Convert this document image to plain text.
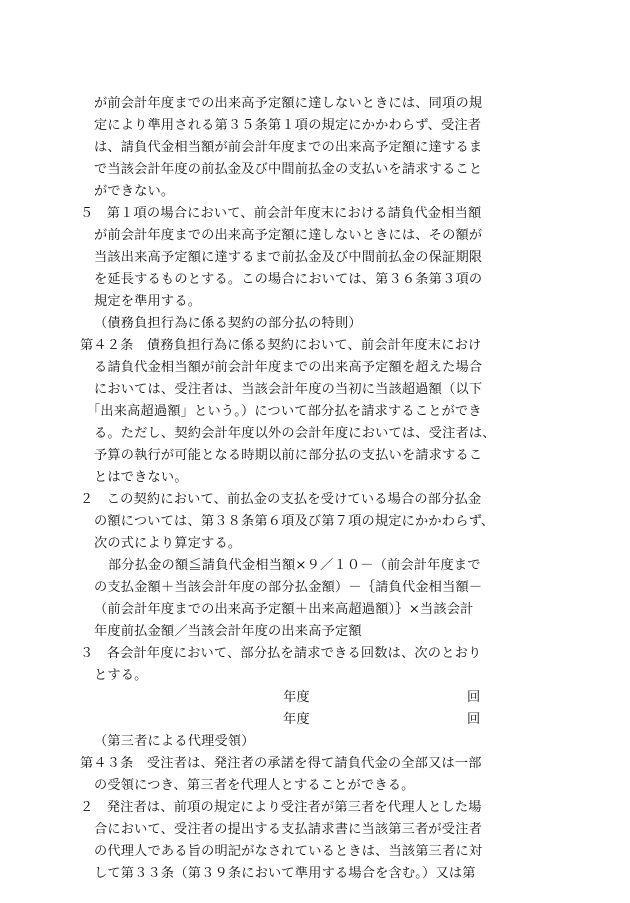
が前会計年度までの出来高予定額に達しないときには、同項の規
定により準用される第３５条第１項の規定にかかわらず、受注者
は、請負代金相当額が前会計年度までの出来高予定額に達するま
で当該会計年度の前払金及び中間前払金の支払いを請求すること
ができない。
５　第１項の場合において、前会計年度末における請負代金相当額
が前会計年度までの出来高予定額に達しないときには、その額が
当該出来高予定額に達するまで前払金及び中間前払金の保証期限
を延長するものとする。この場合においては、第３６条第３項の
規定を準用する。
（債務負担行為に係る契約の部分払の特則）
第４２条　債務負担行為に係る契約において、前会計年度末におけ
る請負代金相当額が前会計年度までの出来高予定額を超えた場合
においては、受注者は、当該会計年度の当初に当該超過額（以下
「出来高超過額」という。）について部分払を請求することができ
る。ただし、契約会計年度以外の会計年度においては、受注者は、
予算の執行が可能となる時期以前に部分払の支払いを請求するこ
とはできない。
２　この契約において、前払金の支払を受けている場合の部分払金
の額については、第３８条第６項及び第７項の規定にかかわらず、
次の式により算定する。
部分払金の額≦請負代金相当額×９／１０－（前会計年度まで
の支払金額＋当該会計年度の部分払金額）－｛請負代金相当額－
（前会計年度までの出来高予定額＋出来高超過額）｝×当該会計
年度前払金額／当該会計年度の出来高予定額
３　各会計年度において、部分払を請求できる回数は、次のとおり
とする。
年度	回
年度	回
（第三者による代理受領）
第４３条　受注者は、発注者の承諾を得て請負代金の全部又は一部
の受領につき、第三者を代理人とすることができる。
２　発注者は、前項の規定により受注者が第三者を代理人とした場
合において、受注者の提出する支払請求書に当該第三者が受注者
の代理人である旨の明記がなされているときは、当該第三者に対
して第３３条（第３９条において準用する場合を含む。）又は第
